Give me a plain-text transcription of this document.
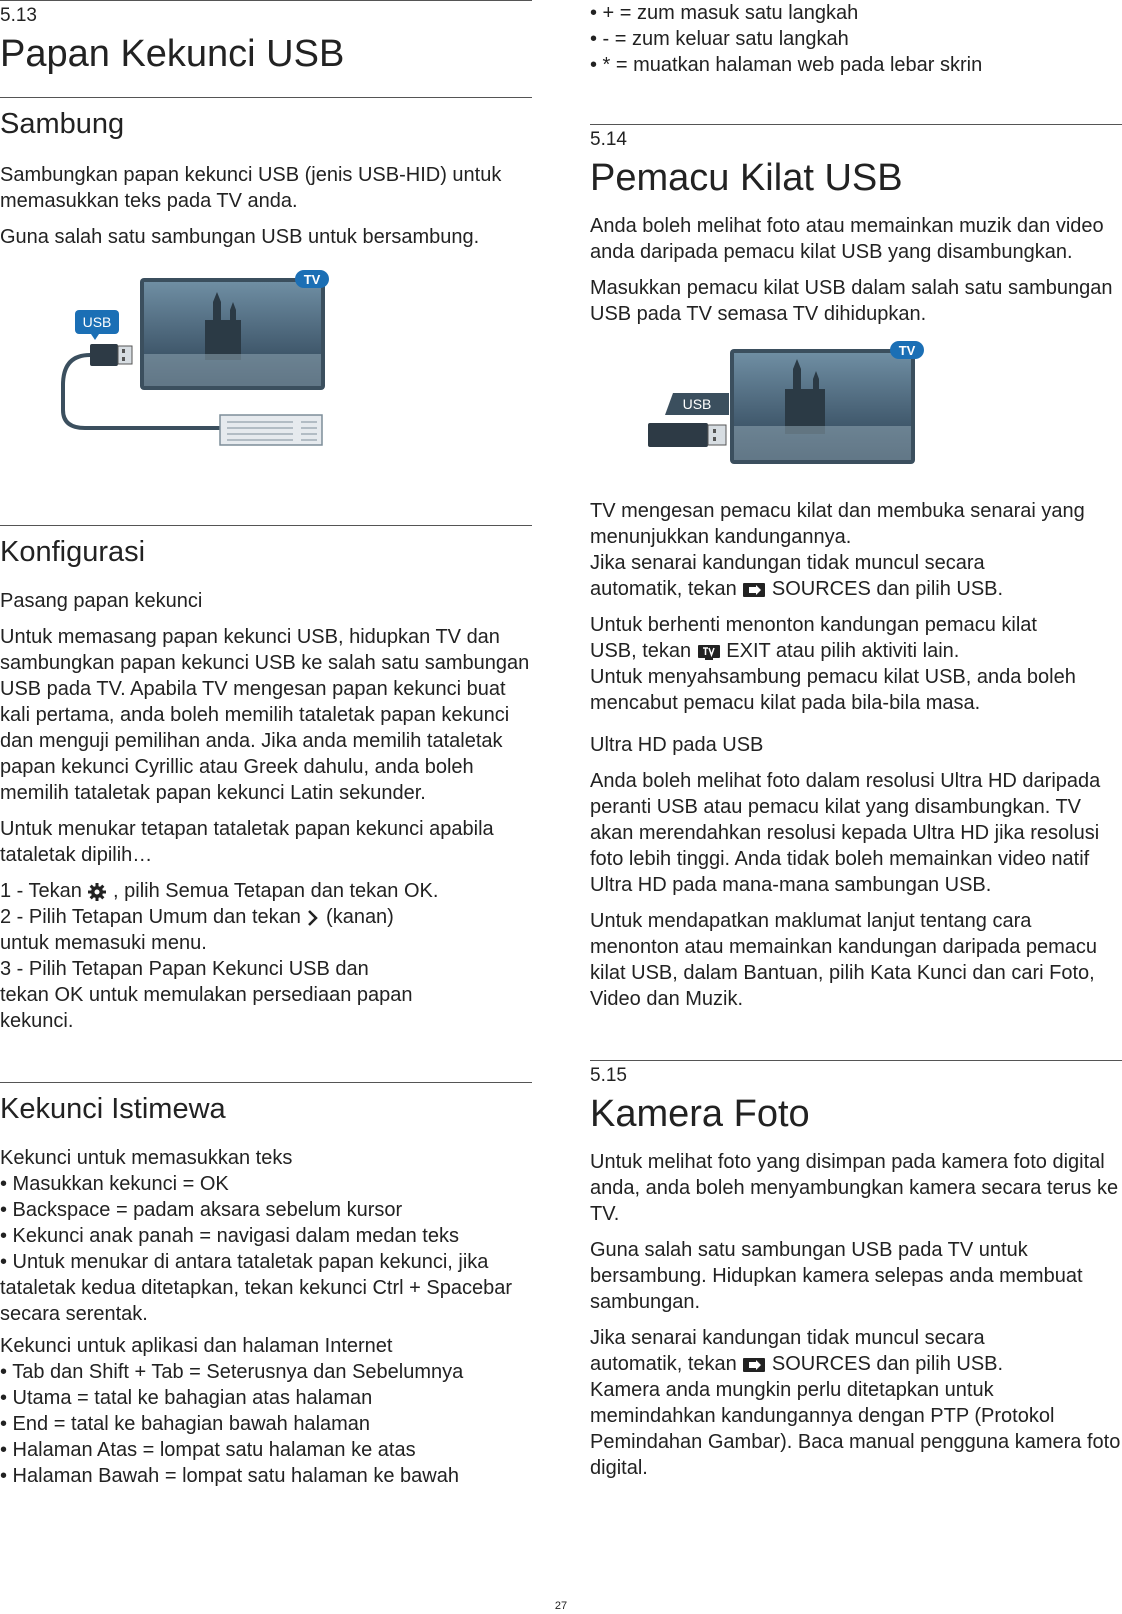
5.13
Papan Kekunci USB
Sambung

Sambungkan papan kekunci USB (jenis USB-HID) untuk memasukkan teks pada TV anda.

Guna salah satu sambungan USB untuk bersambung.

TV
USB
Konfigurasi
Pasang papan kekunci

Untuk memasang papan kekunci USB, hidupkan TV dan sambungkan papan kekunci USB ke salah satu sambungan USB pada TV. Apabila TV mengesan papan kekunci buat kali pertama, anda boleh memilih tataletak papan kekunci dan menguji pemilihan anda. Jika anda memilih tataletak papan kekunci Cyrillic atau Greek dahulu, anda boleh memilih tataletak papan kekunci Latin sekunder.

Untuk menukar tetapan tataletak papan kekunci apabila tataletak dipilih…

1 - Tekan  , pilih Semua Tetapan dan tekan OK.

2 - Pilih Tetapan Umum dan tekan  (kanan)

untuk memasuki menu.

3 - Pilih Tetapan Papan Kekunci USB dan

tekan OK untuk memulakan persediaan papan

kekunci.

Kekunci Istimewa

Kekunci untuk memasukkan teks

• Masukkan kekunci = OK
• Backspace = padam aksara sebelum kursor
• Kekunci anak panah = navigasi dalam medan teks
• Untuk menukar di antara tataletak papan kekunci, jika tataletak kedua ditetapkan, tekan kekunci Ctrl + Spacebar secara serentak.

Kekunci untuk aplikasi dan halaman Internet

• Tab dan Shift + Tab = Seterusnya dan Sebelumnya
• Utama = tatal ke bahagian atas halaman
• End = tatal ke bahagian bawah halaman
• Halaman Atas = lompat satu halaman ke atas
• Halaman Bawah = lompat satu halaman ke bawah
• + = zum masuk satu langkah
• - = zum keluar satu langkah
• * = muatkan halaman web pada lebar skrin
5.14
Pemacu Kilat USB

Anda boleh melihat foto atau memainkan muzik dan video anda daripada pemacu kilat USB yang disambungkan.

Masukkan pemacu kilat USB dalam salah satu sambungan USB pada TV semasa TV dihidupkan.

TV
USB

TV mengesan pemacu kilat dan membuka senarai yang menunjukkan kandungannya.

Jika senarai kandungan tidak muncul secara

automatik, tekan  SOURCES dan pilih USB.

Untuk berhenti menonton kandungan pemacu kilat

USB, tekan  EXIT atau pilih aktiviti lain.

Untuk menyahsambung pemacu kilat USB, anda boleh mencabut pemacu kilat pada bila-bila masa.

Ultra HD pada USB

Anda boleh melihat foto dalam resolusi Ultra HD daripada peranti USB atau pemacu kilat yang disambungkan. TV akan merendahkan resolusi kepada Ultra HD jika resolusi foto lebih tinggi. Anda tidak boleh memainkan video natif Ultra HD pada mana-mana sambungan USB.

Untuk mendapatkan maklumat lanjut tentang cara menonton atau memainkan kandungan daripada pemacu kilat USB, dalam Bantuan, pilih Kata Kunci dan cari Foto, Video dan Muzik.

5.15
Kamera Foto

Untuk melihat foto yang disimpan pada kamera foto digital anda, anda boleh menyambungkan kamera secara terus ke TV.

Guna salah satu sambungan USB pada TV untuk bersambung. Hidupkan kamera selepas anda membuat sambungan.

Jika senarai kandungan tidak muncul secara

automatik, tekan  SOURCES dan pilih USB.

Kamera anda mungkin perlu ditetapkan untuk memindahkan kandungannya dengan PTP (Protokol Pemindahan Gambar). Baca manual pengguna kamera foto digital.

27
